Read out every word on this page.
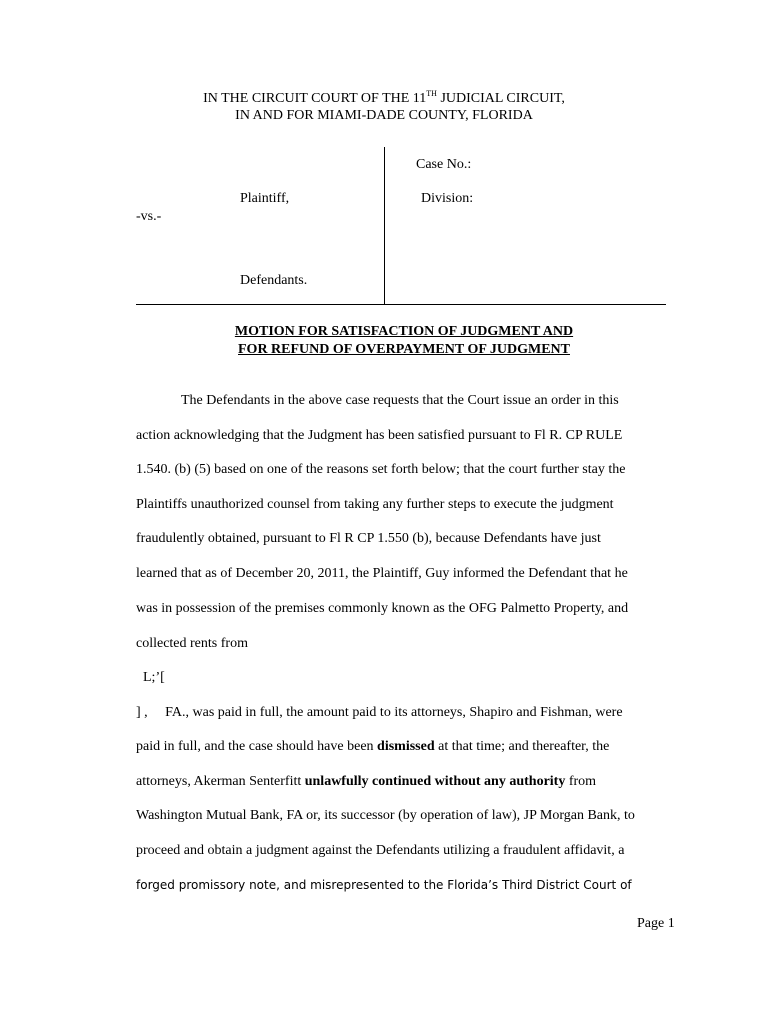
IN THE CIRCUIT COURT OF THE 11TH JUDICIAL CIRCUIT,
IN AND FOR MIAMI-DADE COUNTY, FLORIDA
Case No.:
Plaintiff,	Division:
-vs.-
Defendants.
MOTION FOR SATISFACTION OF JUDGMENT AND
FOR REFUND OF OVERPAYMENT OF JUDGMENT
The Defendants in the above case requests that the Court issue an order in this
action acknowledging that the Judgment has been satisfied pursuant to Fl R. CP RULE
1.540. (b) (5) based on one of the reasons set forth below; that the court further stay the
Plaintiffs unauthorized counsel from taking any further steps to execute the judgment
fraudulently obtained, pursuant to Fl R CP 1.550 (b), because Defendants have just
learned that as of December 20, 2011, the Plaintiff, Guy informed the Defendant that he
was in possession of the premises commonly known as the OFG Palmetto Property, and
collected rents from
L;’[
] ,     FA., was paid in full, the amount paid to its attorneys, Shapiro and Fishman, were
paid in full, and the case should have been dismissed at that time; and thereafter, the
attorneys, Akerman Senterfitt unlawfully continued without any authority from
Washington Mutual Bank, FA or, its successor (by operation of law), JP Morgan Bank, to
proceed and obtain a judgment against the Defendants utilizing a fraudulent affidavit, a
forged promissory note, and misrepresented to the Florida’s Third District Court of
Page 1
